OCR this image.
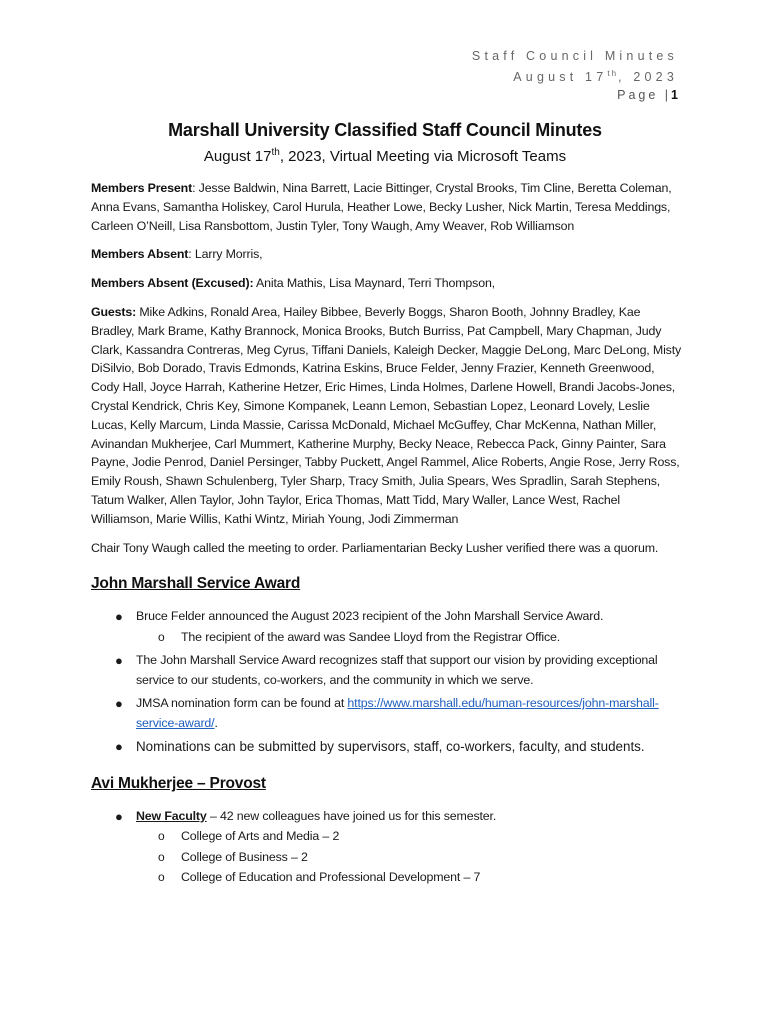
Staff Council Minutes
August 17th, 2023
Page |1
Marshall University Classified Staff Council Minutes
August 17th, 2023, Virtual Meeting via Microsoft Teams

Members Present: Jesse Baldwin, Nina Barrett, Lacie Bittinger, Crystal Brooks, Tim Cline, Beretta Coleman, Anna Evans, Samantha Holiskey, Carol Hurula, Heather Lowe, Becky Lusher, Nick Martin, Teresa Meddings, Carleen O’Neill, Lisa Ransbottom, Justin Tyler, Tony Waugh, Amy Weaver, Rob Williamson

Members Absent: Larry Morris,

Members Absent (Excused): Anita Mathis, Lisa Maynard, Terri Thompson,

Guests: Mike Adkins, Ronald Area, Hailey Bibbee, Beverly Boggs, Sharon Booth, Johnny Bradley, Kae Bradley, Mark Brame, Kathy Brannock, Monica Brooks, Butch Burriss, Pat Campbell, Mary Chapman, Judy Clark, Kassandra Contreras, Meg Cyrus, Tiffani Daniels, Kaleigh Decker, Maggie DeLong, Marc DeLong, Misty DiSilvio, Bob Dorado, Travis Edmonds, Katrina Eskins, Bruce Felder, Jenny Frazier, Kenneth Greenwood, Cody Hall, Joyce Harrah, Katherine Hetzer, Eric Himes, Linda Holmes, Darlene Howell, Brandi Jacobs-Jones, Crystal Kendrick, Chris Key, Simone Kompanek, Leann Lemon, Sebastian Lopez, Leonard Lovely, Leslie Lucas, Kelly Marcum, Linda Massie, Carissa McDonald, Michael McGuffey, Char McKenna, Nathan Miller, Avinandan Mukherjee, Carl Mummert, Katherine Murphy, Becky Neace, Rebecca Pack, Ginny Painter, Sara Payne, Jodie Penrod, Daniel Persinger, Tabby Puckett, Angel Rammel, Alice Roberts, Angie Rose, Jerry Ross, Emily Roush, Shawn Schulenberg, Tyler Sharp, Tracy Smith, Julia Spears, Wes Spradlin, Sarah Stephens, Tatum Walker, Allen Taylor, John Taylor, Erica Thomas, Matt Tidd, Mary Waller, Lance West, Rachel Williamson, Marie Willis, Kathi Wintz, Miriah Young, Jodi Zimmerman

Chair Tony Waugh called the meeting to order. Parliamentarian Becky Lusher verified there was a quorum.

John Marshall Service Award
● Bruce Felder announced the August 2023 recipient of the John Marshall Service Award.
o The recipient of the award was Sandee Lloyd from the Registrar Office.
● The John Marshall Service Award recognizes staff that support our vision by providing exceptional service to our students, co-workers, and the community in which we serve.
● JMSA nomination form can be found at https://www.marshall.edu/human-resources/john-marshall-service-award/.
● Nominations can be submitted by supervisors, staff, co-workers, faculty, and students.
Avi Mukherjee – Provost
● New Faculty – 42 new colleagues have joined us for this semester.
o College of Arts and Media – 2
o College of Business – 2
o College of Education and Professional Development – 7
